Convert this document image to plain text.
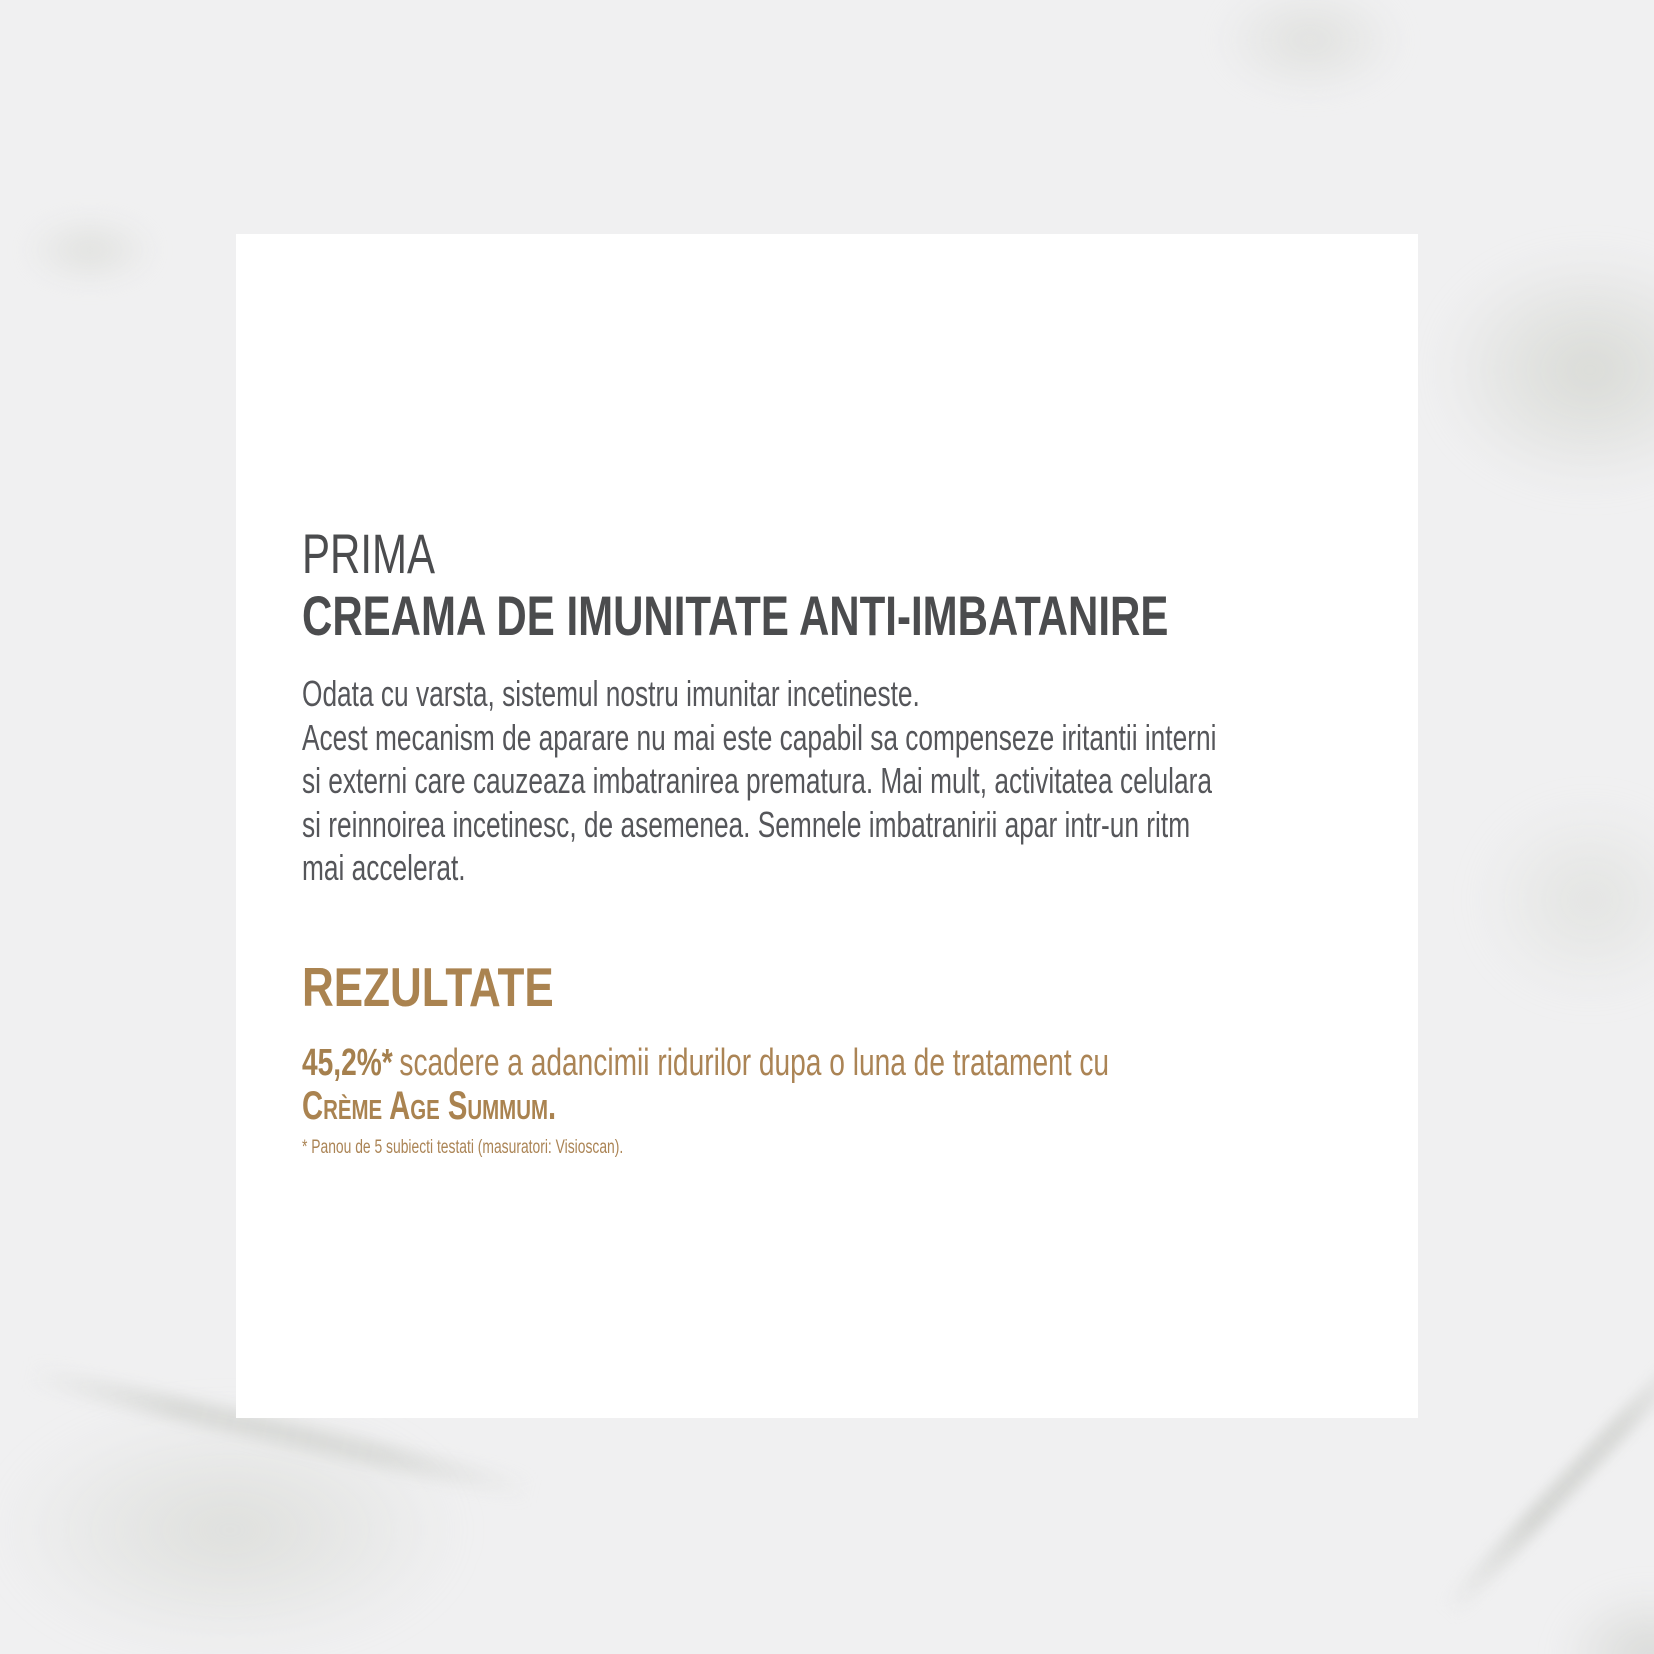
PRIMA
CREAMA DE IMUNITATE ANTI-IMBATANIRE
Odata cu varsta, sistemul nostru imunitar incetineste.
Acest mecanism de aparare nu mai este capabil sa compenseze iritantii interni
si externi care cauzeaza imbatranirea prematura. Mai mult, activitatea celulara
si reinnoirea incetinesc, de asemenea. Semnele imbatranirii apar intr-un ritm
mai accelerat.
REZULTATE
45,2%* scadere a adancimii ridurilor dupa o luna de tratament cu
Crème Age Summum.
* Panou de 5 subiecti testati (masuratori: Visioscan).
